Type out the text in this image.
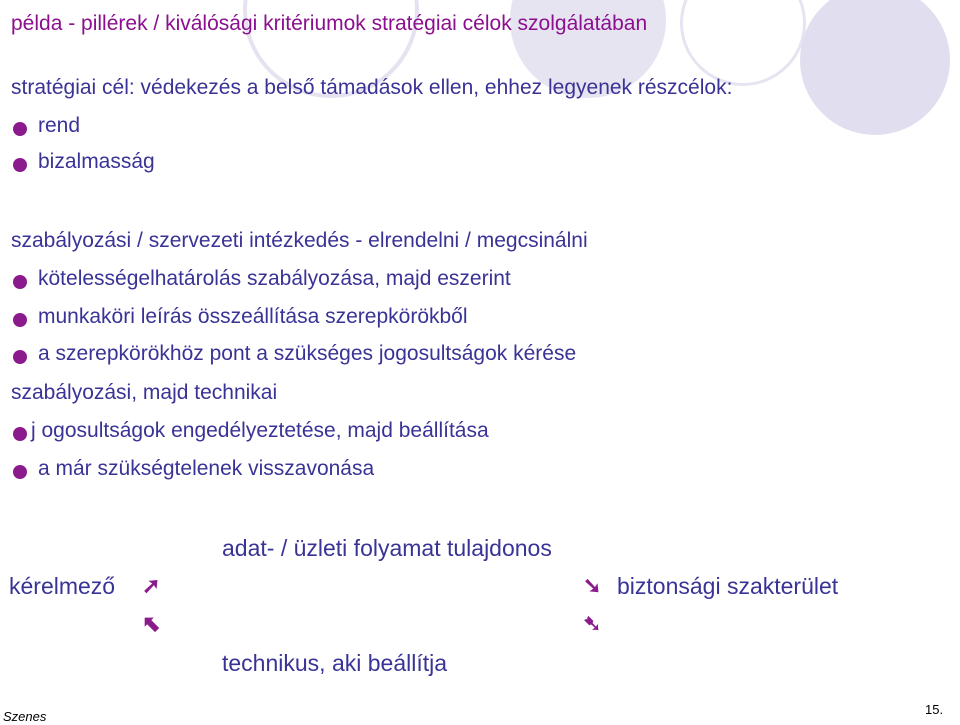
példa - pillérek / kiválósági kritériumok stratégiai célok szolgálatában
stratégiai cél: védekezés a belső támadások ellen, ehhez legyenek részcélok:
rend
bizalmasság
szabályozási / szervezeti intézkedés - elrendelni / megcsinálni
kötelességelhatárolás szabályozása, majd eszerint
munkaköri leírás összeállítása szerepkörökből
a szerepkörökhöz pont a szükséges jogosultságok kérése
szabályozási, majd technikai
j ogosultságok engedélyeztetése, majd beállítása
a már szükségtelenek visszavonása
adat- / üzleti folyamat tulajdonos
kérelmező ➚	➘ biztonsági szakterület
⬉	➷
technikus, aki beállítja
Szenes	15.
